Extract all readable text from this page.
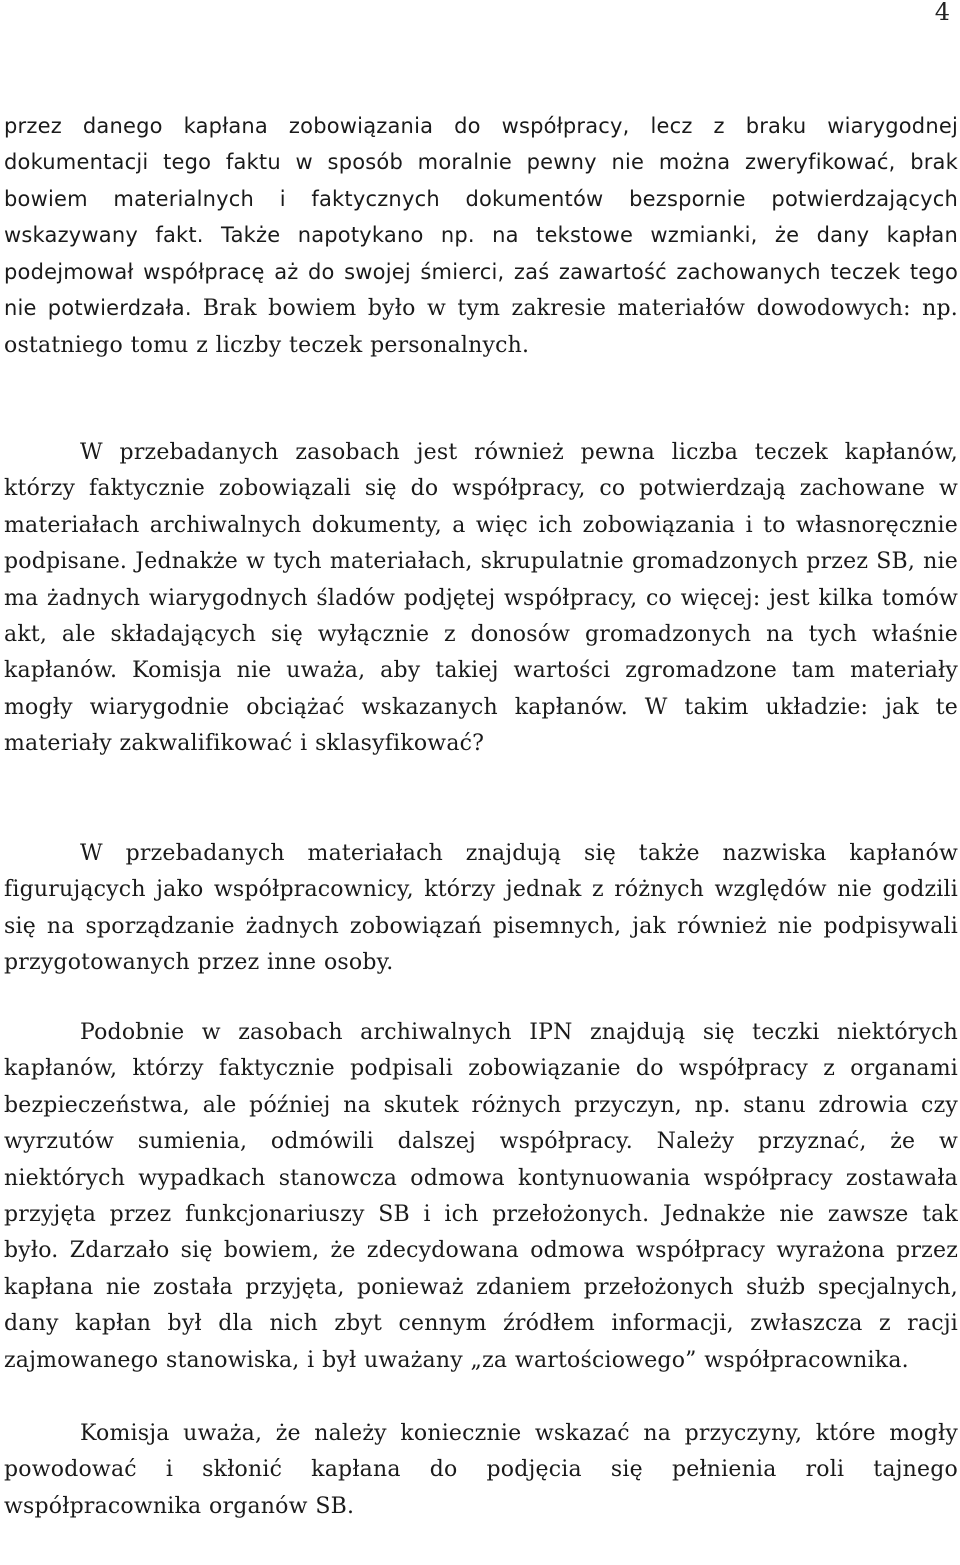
4

przez danego kapłana zobowiązania do współpracy, lecz z braku wiarygodnej dokumentacji tego faktu w sposób moralnie pewny nie można zweryfikować, brak bowiem materialnych i faktycznych dokumentów bezspornie potwierdzających wskazywany fakt. Także napotykano np. na tekstowe wzmianki, że dany kapłan podejmował współpracę aż do swojej śmierci, zaś zawartość zachowanych teczek tego nie potwierdzała. Brak bowiem było w tym zakresie materiałów dowodowych: np. ostatniego tomu z liczby teczek personalnych.

W przebadanych zasobach jest również pewna liczba teczek kapłanów, którzy faktycznie zobowiązali się do współpracy, co potwierdzają zachowane w materiałach archiwalnych dokumenty, a więc ich zobowiązania i to własnoręcznie podpisane. Jednakże w tych materiałach, skrupulatnie gromadzonych przez SB, nie ma żadnych wiarygodnych śladów podjętej współpracy, co więcej: jest kilka tomów akt, ale składających się wyłącznie z donosów gromadzonych na tych właśnie kapłanów. Komisja nie uważa, aby takiej wartości zgromadzone tam materiały mogły wiarygodnie obciążać wskazanych kapłanów. W takim układzie: jak te materiały zakwalifikować i sklasyfikować?

W przebadanych materiałach znajdują się także nazwiska kapłanów figurujących jako współpracownicy, którzy jednak z różnych względów nie godzili się na sporządzanie żadnych zobowiązań pisemnych, jak również nie podpisywali przygotowanych przez inne osoby.

Podobnie w zasobach archiwalnych IPN znajdują się teczki niektórych kapłanów, którzy faktycznie podpisali zobowiązanie do współpracy z organami bezpieczeństwa, ale później na skutek różnych przyczyn, np. stanu zdrowia czy wyrzutów sumienia, odmówili dalszej współpracy. Należy przyznać, że w niektórych wypadkach stanowcza odmowa kontynuowania współpracy zostawała przyjęta przez funkcjonariuszy SB i ich przełożonych. Jednakże nie zawsze tak było. Zdarzało się bowiem, że zdecydowana odmowa współpracy wyrażona przez kapłana nie została przyjęta, ponieważ zdaniem przełożonych służb specjalnych, dany kapłan był dla nich zbyt cennym źródłem informacji, zwłaszcza z racji zajmowanego stanowiska, i był uważany „za wartościowego” współpracownika.

Komisja uważa, że należy koniecznie wskazać na przyczyny, które mogły powodować i skłonić kapłana do podjęcia się pełnienia roli tajnego współpracownika organów SB.
